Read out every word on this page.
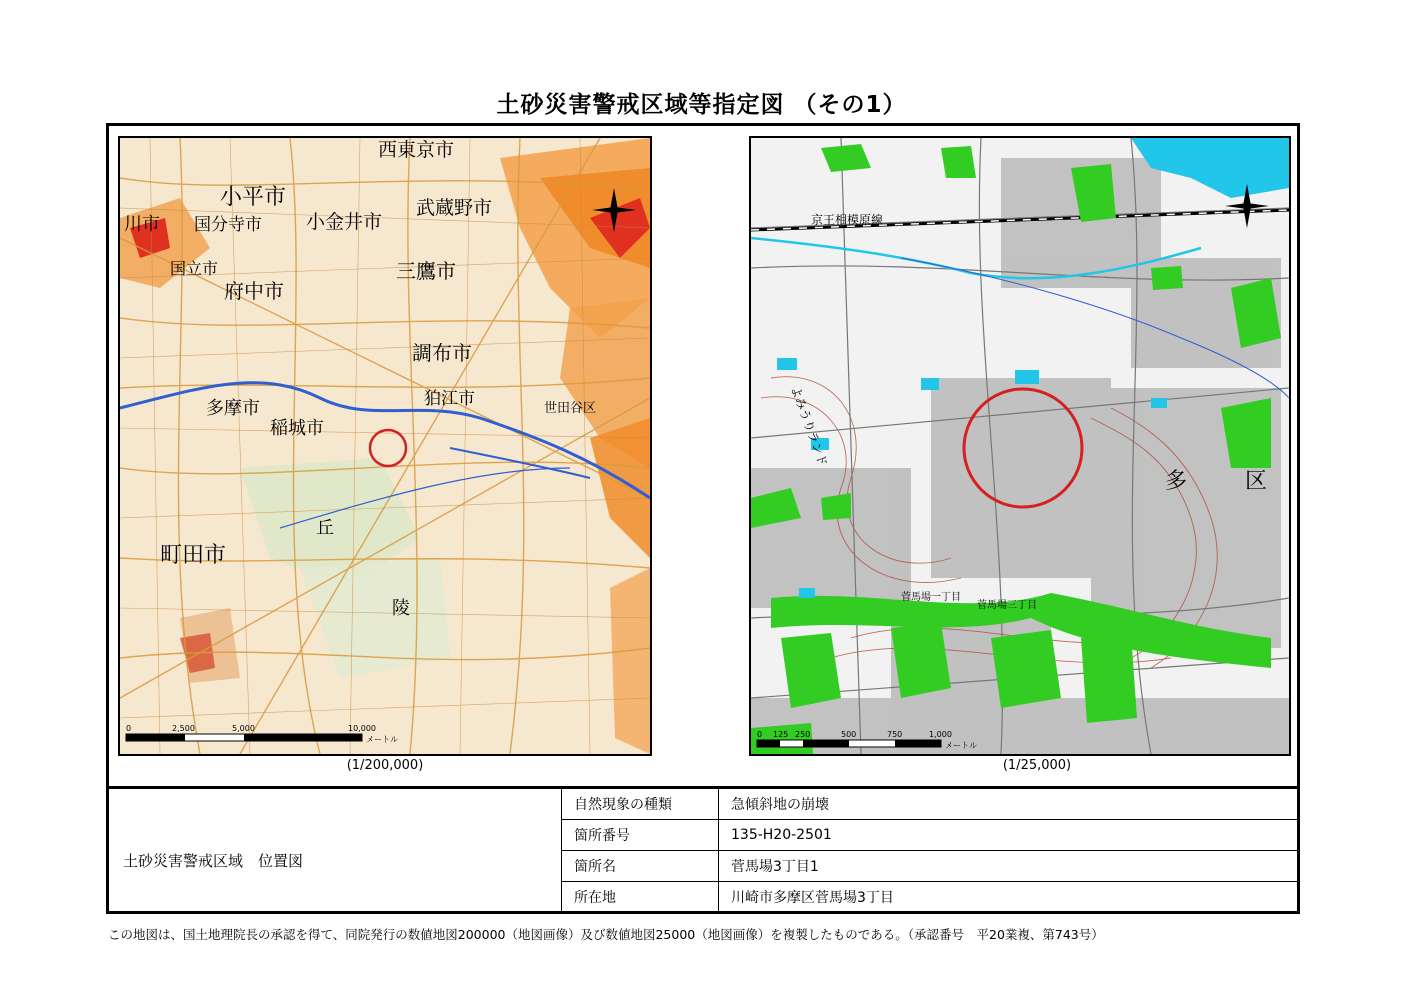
土砂災害警戒区域等指定図 （その1）
西東京市
小平市
川市 国分寺市 小金井市
武蔵野市
国立市
府中市
三鷹市
調布市
多摩市	狛江市
稲城市
世田谷区
町田市
丘
陵
0	2,500	5,000	10,000
メートル
(1/200,000)
多	区
よみうりランド
京王相模原線
菅馬場一丁目
菅馬場三丁目
0 125 250	500	750	1,000
メートル
(1/25,000)
土砂災害警戒区域　位置図
自然現象の種類	急傾斜地の崩壊
箇所番号	135-H20-2501
箇所名	菅馬場3丁目1
所在地	川崎市多摩区菅馬場3丁目
この地図は、国土地理院長の承認を得て、同院発行の数値地図200000（地図画像）及び数値地図25000（地図画像）を複製したものである。（承認番号　平20業複、第743号）
